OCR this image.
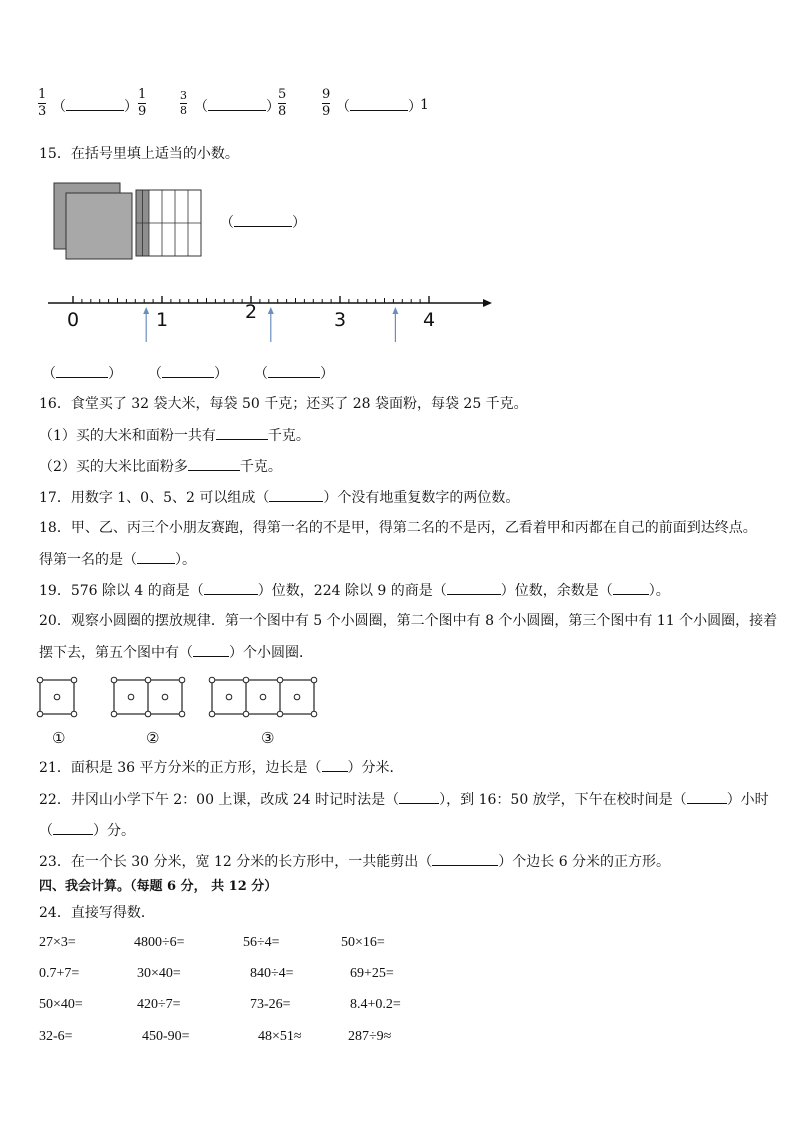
1
3 （	）
1
9
3
8 （	）
5
8
9
9 （	）
1
15．在括号里填上适当的小数。
（	）
0	1	2	3	4
（	） （	） （	）
16．食堂买了 32 袋大米，每袋 50 千克；还买了 28 袋面粉，每袋 25 千克。
（1）买的大米和面粉一共有	千克。
（2）买的大米比面粉多	千克。
17．用数字 1、0、5、2 可以组成（	）个没有地重复数字的两位数。
18．甲、乙、丙三个小朋友赛跑，得第一名的不是甲，得第二名的不是丙，乙看着甲和丙都在自己的前面到达终点。
得第一名的是（	）。
19．576 除以 4 的商是（	）位数，224 除以 9 的商是（	）位数，余数是（	）。
20．观察小圆圈的摆放规律．第一个图中有 5 个小圆圈，第二个图中有 8 个小圆圈，第三个图中有 11 个小圆圈，接着
摆下去，第五个图中有（	）个小圆圈．
①	②	③
21．面积是 36 平方分米的正方形，边长是（ ）分米．
22．井冈山小学下午 2：00 上课，改成 24 时记时法是（	），到 16：50 放学，下午在校时间是（	）小时
（	）分。
23．在一个长 30 分米，宽 12 分米的长方形中，一共能剪出（	）个边长 6 分米的正方形。
四、我会计算。（每题 6 分， 共 12 分）
24．直接写得数．
27×3=	4800÷6=	56÷4=	50×16=
0.7+7=	30×40=	840÷4=	69+25=
50×40=	420÷7=	73-26=	8.4+0.2=
32-6=	450-90=	48×51≈	287÷9≈
